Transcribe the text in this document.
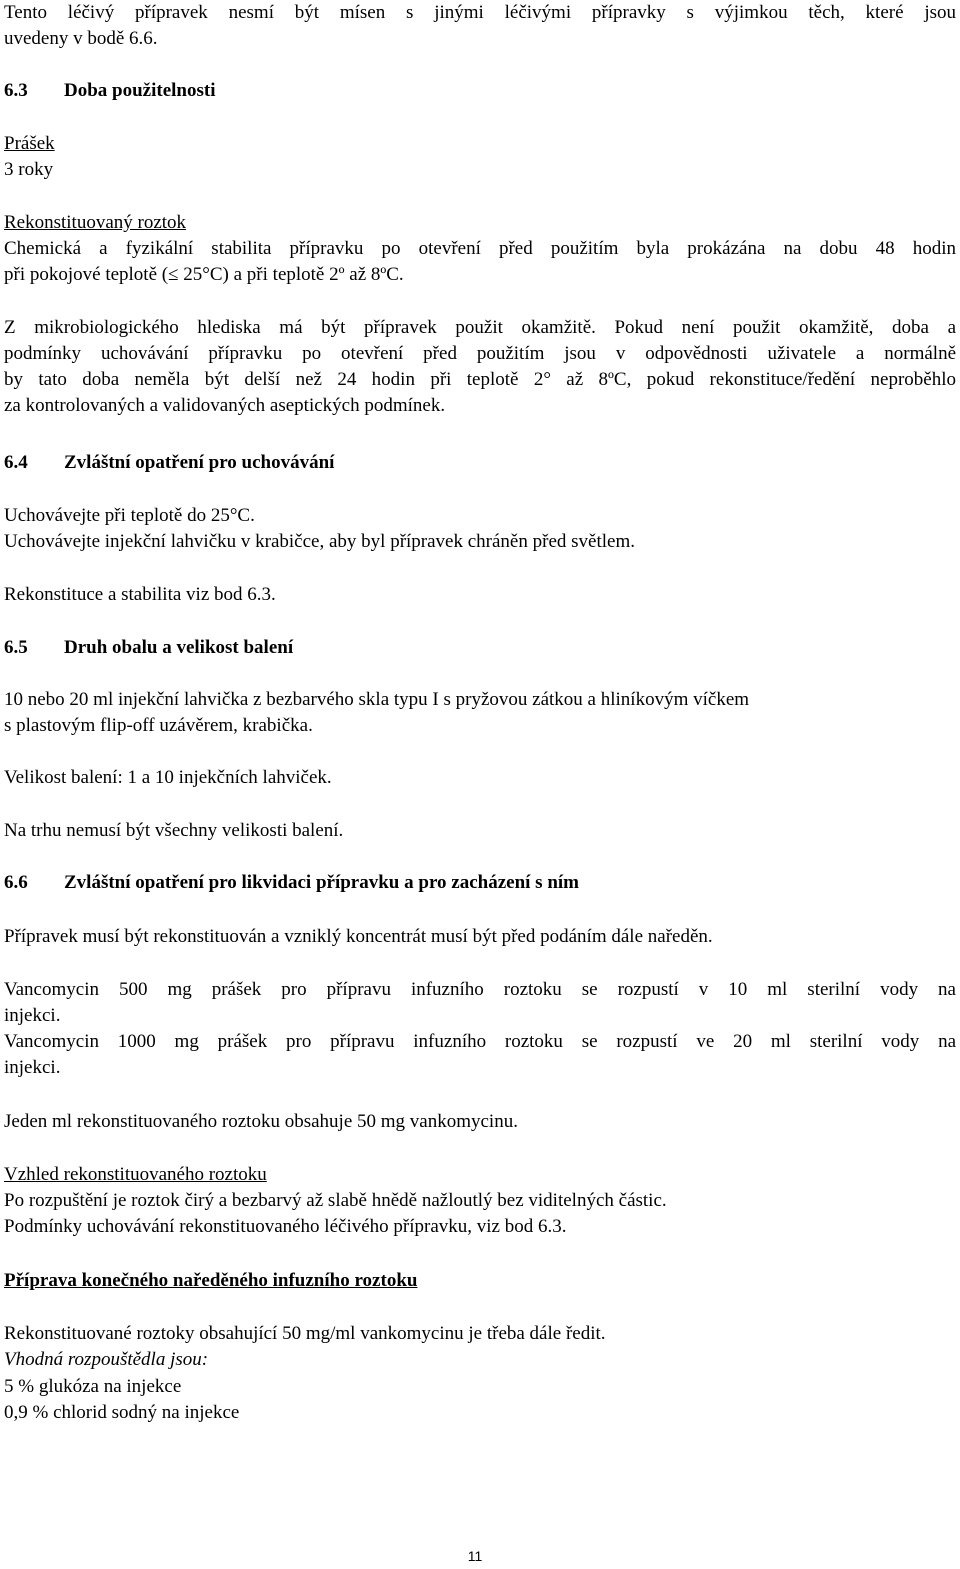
Tento léčivý přípravek nesmí být mísen s jinými léčivými přípravky s výjimkou těch, které jsou
uvedeny v bodě 6.6.
6.3 Doba použitelnosti
Prášek
3 roky
Rekonstituovaný roztok
Chemická a fyzikální stabilita přípravku po otevření před použitím byla prokázána na dobu 48 hodin
při pokojové teplotě (≤ 25°C) a při teplotě 2º až 8ºC.
Z mikrobiologického hlediska má být přípravek použit okamžitě. Pokud není použit okamžitě, doba a
podmínky uchovávání přípravku po otevření před použitím jsou v odpovědnosti uživatele a normálně
by tato doba neměla být delší než 24 hodin při teplotě 2° až 8ºC, pokud rekonstituce/ředění neproběhlo
za kontrolovaných a validovaných aseptických podmínek.
6.4 Zvláštní opatření pro uchovávání
Uchovávejte při teplotě do 25°C.
Uchovávejte injekční lahvičku v krabičce, aby byl přípravek chráněn před světlem.
Rekonstituce a stabilita viz bod 6.3.
6.5 Druh obalu a velikost balení
10 nebo 20 ml injekční lahvička z bezbarvého skla typu I s pryžovou zátkou a hliníkovým víčkem
s plastovým flip-off uzávěrem, krabička.
Velikost balení: 1 a 10 injekčních lahviček.
Na trhu nemusí být všechny velikosti balení.
6.6 Zvláštní opatření pro likvidaci přípravku a pro zacházení s ním
Přípravek musí být rekonstituován a vzniklý koncentrát musí být před podáním dále naředěn.
Vancomycin 500 mg prášek pro přípravu infuzního roztoku se rozpustí v 10 ml sterilní vody na
injekci.
Vancomycin 1000 mg prášek pro přípravu infuzního roztoku se rozpustí ve 20 ml sterilní vody na
injekci.
Jeden ml rekonstituovaného roztoku obsahuje 50 mg vankomycinu.
Vzhled rekonstituovaného roztoku
Po rozpuštění je roztok čirý a bezbarvý až slabě hnědě nažloutlý bez viditelných částic.
Podmínky uchovávání rekonstituovaného léčivého přípravku, viz bod 6.3.
Příprava konečného naředěného infuzního roztoku
Rekonstituované roztoky obsahující 50 mg/ml vankomycinu je třeba dále ředit.
Vhodná rozpouštědla jsou:
5 % glukóza na injekce
0,9 % chlorid sodný na injekce
11
